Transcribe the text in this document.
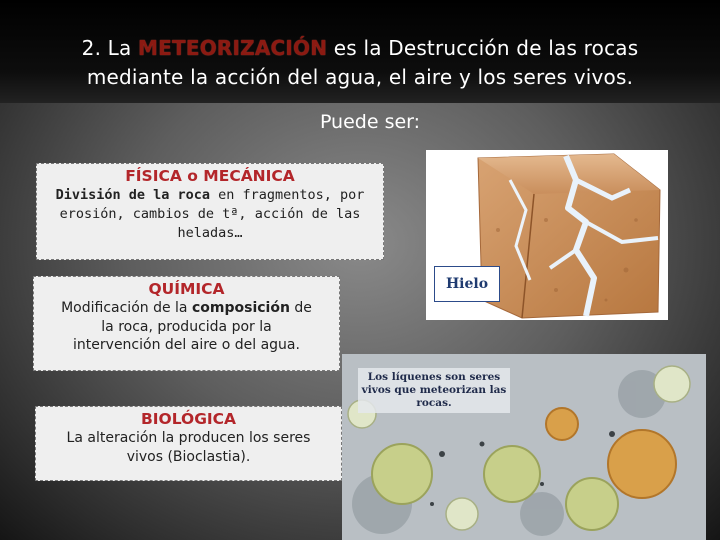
2. La METEORIZACIÓN es la Destrucción de las rocas
mediante la acción del agua, el aire y los seres vivos.
Puede ser:
FÍSICA o MECÁNICA
División de la roca en fragmentos, por
erosión, cambios de tª, acción de las
heladas…
QUÍMICA
Modificación de la composición de
la roca, producida por la
intervención del aire o del agua.
BIOLÓGICA
La alteración la producen los seres
vivos (Bioclastia).
Hielo
Los líquenes son seres vivos que meteorizan las rocas.
